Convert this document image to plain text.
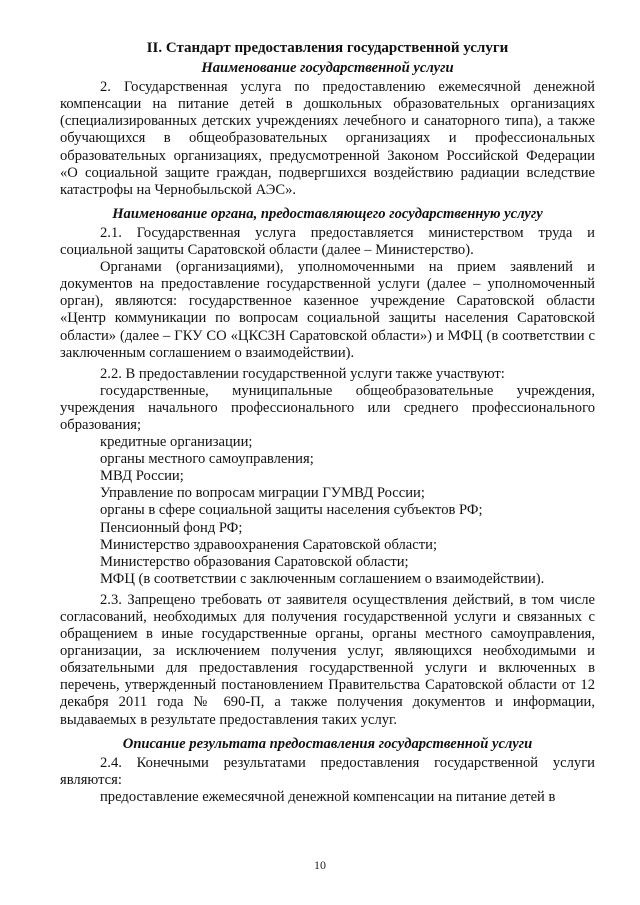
II. Стандарт предоставления государственной услуги

Наименование государственной услуги

2. Государственная услуга по предоставлению ежемесячной денежной компенсации на питание детей в дошкольных образовательных организациях (специализированных детских учреждениях лечебного и санаторного типа), а также обучающихся в общеобразовательных организациях и профессиональных образовательных организациях, предусмотренной Законом Российской Федерации «О социальной защите граждан, подвергшихся воздействию радиации вследствие катастрофы на Чернобыльской АЭС».

Наименование органа, предоставляющего государственную услугу

2.1. Государственная услуга предоставляется министерством труда и социальной защиты Саратовской области (далее – Министерство).

Органами (организациями), уполномоченными на прием заявлений и документов на предоставление государственной услуги (далее – уполномоченный орган), являются: государственное казенное учреждение Саратовской области «Центр коммуникации по вопросам социальной защиты населения Саратовской области» (далее – ГКУ СО «ЦКСЗН Саратовской области») и МФЦ (в соответствии с заключенным соглашением о взаимодействии).

2.2. В предоставлении государственной услуги также участвуют:

государственные, муниципальные общеобразовательные учреждения, учреждения начального профессионального или среднего профессионального образования;

кредитные организации;

органы местного самоуправления;

МВД России;

Управление по вопросам миграции ГУМВД России;

органы в сфере социальной защиты населения субъектов РФ;

Пенсионный фонд РФ;

Министерство здравоохранения Саратовской области;

Министерство образования Саратовской области;

МФЦ (в соответствии с заключенным соглашением о взаимодействии).

2.3. Запрещено требовать от заявителя осуществления действий, в том числе согласований, необходимых для получения государственной услуги и связанных с обращением в иные государственные органы, органы местного самоуправления, организации, за исключением получения услуг, являющихся необходимыми и обязательными для предоставления государственной услуги и включенных в перечень, утвержденный постановлением Правительства Саратовской области от 12 декабря 2011 года № 690-П, а также получения документов и информации, выдаваемых в результате предоставления таких услуг.

Описание результата предоставления государственной услуги

2.4. Конечными результатами предоставления государственной услуги являются:

предоставление ежемесячной денежной компенсации на питание детей в

10
